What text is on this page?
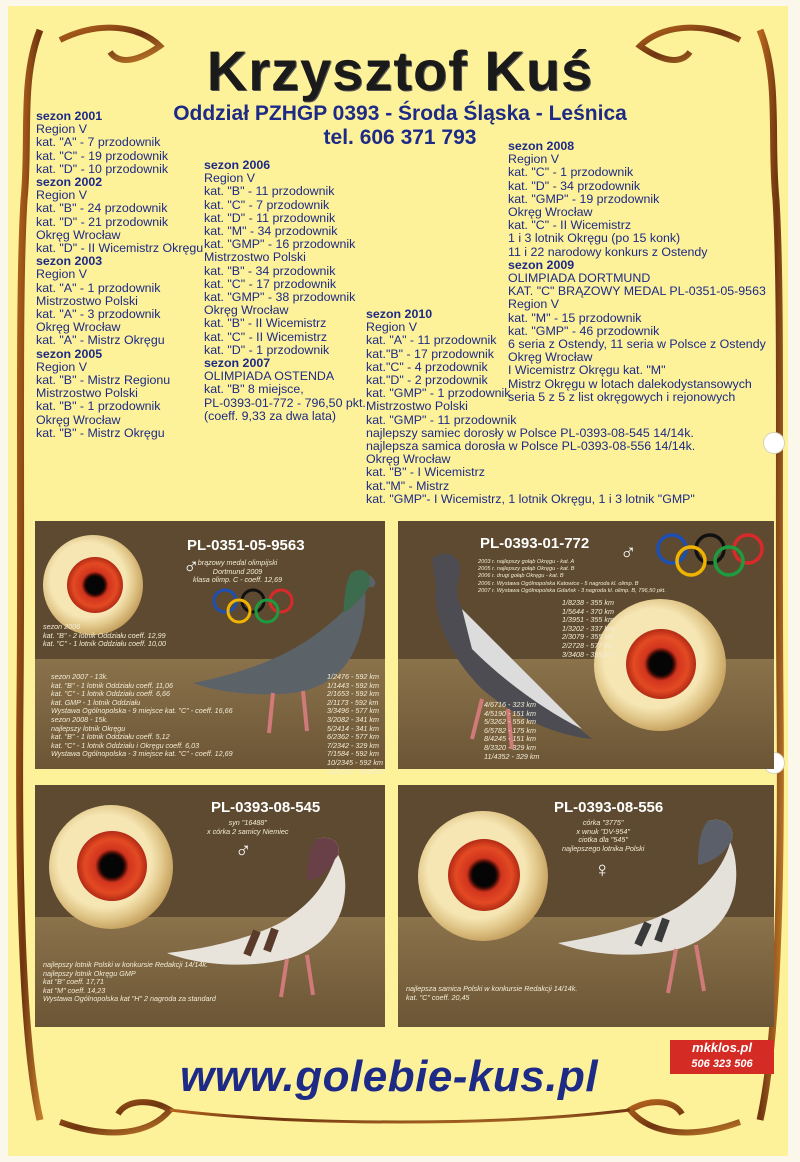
Krzysztof Kuś
Oddział PZHGP 0393 - Środa Śląska - Leśnica
tel. 606 371 793
sezon 2001
Region V
kat. "A" - 7 przodownik
kat. "C" - 19 przodownik
kat. "D" - 10 przodownik
sezon 2002
Region V
kat. "B" - 24 przodownik
kat. "D" - 21 przodownik
Okręg Wrocław
kat. "D" - II Wicemistrz Okręgu
sezon 2003
Region V
kat. "A" - 1 przodownik
Mistrzostwo Polski
kat. "A" - 3 przodownik
Okręg Wrocław
kat. "A" - Mistrz Okręgu
sezon 2005
Region V
kat. "B" - Mistrz Regionu
Mistrzostwo Polski
kat. "B" - 1 przodownik
Okręg Wrocław
kat. "B" - Mistrz Okręgu
sezon 2006
Region V
kat. "B" - 11 przodownik
kat. "C" - 7 przodownik
kat. "D" - 11 przodownik
kat. "M" - 34 przodownik
kat. "GMP" - 16 przodownik
Mistrzostwo Polski
kat. "B" - 34 przodownik
kat. "C" - 17 przodownik
kat. "GMP" - 38 przodownik
Okręg Wrocław
kat. "B" - II Wicemistrz
kat. "C" - II Wicemistrz
kat. "D" - 1 przodownik
sezon 2007
OLIMPIADA OSTENDA
kat. "B" 8 miejsce,
PL-0393-01-772 - 796,50 pkt.
(coeff. 9,33 za dwa lata)
sezon 2010
Region V
kat. "A" - 11 przodownik
kat."B" - 17 przodownik
kat."C" - 4 przodownik
kat."D" - 2 przodownik
kat. "GMP" - 1 przodownik
Mistrzostwo Polski
kat. "GMP" - 11 przodownik
najlepszy samiec dorosły w Polsce PL-0393-08-545 14/14k.
najlepsza samica dorosła w Polsce PL-0393-08-556 14/14k.
Okręg Wrocław
kat. "B" - I Wicemistrz
kat."M" - Mistrz
kat. "GMP"- I Wicemistrz, 1 lotnik Okręgu, 1 i 3 lotnik "GMP"
sezon 2008
Region V
kat. "C" - 1 przodownik
kat. "D" - 34 przodownik
kat. "GMP" - 19 przodownik
Okręg Wrocław
kat. "C" - II Wicemistrz
1 i 3 lotnik Okręgu (po 15 konk)
11 i 22 narodowy konkurs z Ostendy
sezon 2009
OLIMPIADA DORTMUND
KAT. "C" BRĄZOWY MEDAL PL-0351-05-9563
Region V
kat. "M" - 15 przodownik
kat. "GMP" - 46 przodownik
6 seria z Ostendy, 11 seria w Polsce z Ostendy
Okręg Wrocław
I Wicemistrz Okręgu kat. "M"
Mistrz Okręgu w lotach dalekodystansowych
seria 5 z 5 z list okręgowych i rejonowych
PL-0351-05-9563
♂
brązowy medal olimpijski
Dortmund 2009
klasa olimp. C - coeff. 12,69
sezon 2006
kat. "B" - 2 lotnik Oddziału coeff. 12,99
kat. "C" - 1 lotnik Oddziału coeff. 10,00
sezon 2007 - 13k.
kat. "B" - 1 lotnik Oddziału coeff. 11,06
kat. "C" - 1 lotnik Oddziału coeff. 6,66
kat. GMP - 1 lotnik Oddziału
Wystawa Ogólnopolska - 9 miejsce kat. "C" - coeff. 16,66
sezon 2008 - 15k.
najlepszy lotnik Okręgu
kat. "B" - 1 lotnik Oddziału coeff. 5,12
kat. "C" - 1 lotnik Oddziału i Okręgu coeff. 6,03
Wystawa Ogólnopolska - 3 miejsce kat. "C" - coeff. 12,69
1/2476 - 592 km
1/1443 - 592 km
2/1653 - 592 km
2/1173 - 592 km
3/3496 - 577 km
3/2082 - 341 km
5/2414 - 341 km
6/2362 - 577 km
7/2342 - 329 km
7/1584 - 592 km
10/2345 - 592 km
10/2272 - 329 km
PL-0393-01-772 ♂
2003 r. najlepszy gołąb Okręgu - kat. A
2005 r. najlepszy gołąb Okręgu - kat. B
2006 r. drugi gołąb Okręgu - kat. B
2006 r. Wystawa Ogólnopolska Katowice - 5 nagroda kl. olimp. B
2007 r. Wystawa Ogólnopolska Gdańsk - 3 nagroda kl. olimp. B, 796,50 pkt.
1/8238 - 355 km
1/5644 - 370 km
1/3951 - 355 km
1/3202 - 337 km
2/3079 - 355 km
2/2728 - 577 km
3/3408 - 355 km
4/6716 - 323 km
4/5190 - 151 km
5/3262 - 556 km
6/5782 - 175 km
8/4245 - 151 km
8/3320 - 329 km
11/4352 - 329 km
PL-0393-08-545
syn "16488"
x córka 2 samicy Niemiec
♂
najlepszy lotnik Polski w konkursie Redakcji 14/14k.
najlepszy lotnik Okręgu GMP
kat "B" coeff. 17,71
kat "M" coeff. 14,23
Wystawa Ogólnopolska kat "H" 2 nagroda za standard
PL-0393-08-556
córka "3775"
x wnuk "DV-954"
ciotka dla "545"
najlepszego lotnika Polski
♀
najlepsza samica Polski w konkursie Redakcji 14/14k.
kat. "C" coeff. 20,45
www.golebie-kus.pl
mkklos.pl
506 323 506
